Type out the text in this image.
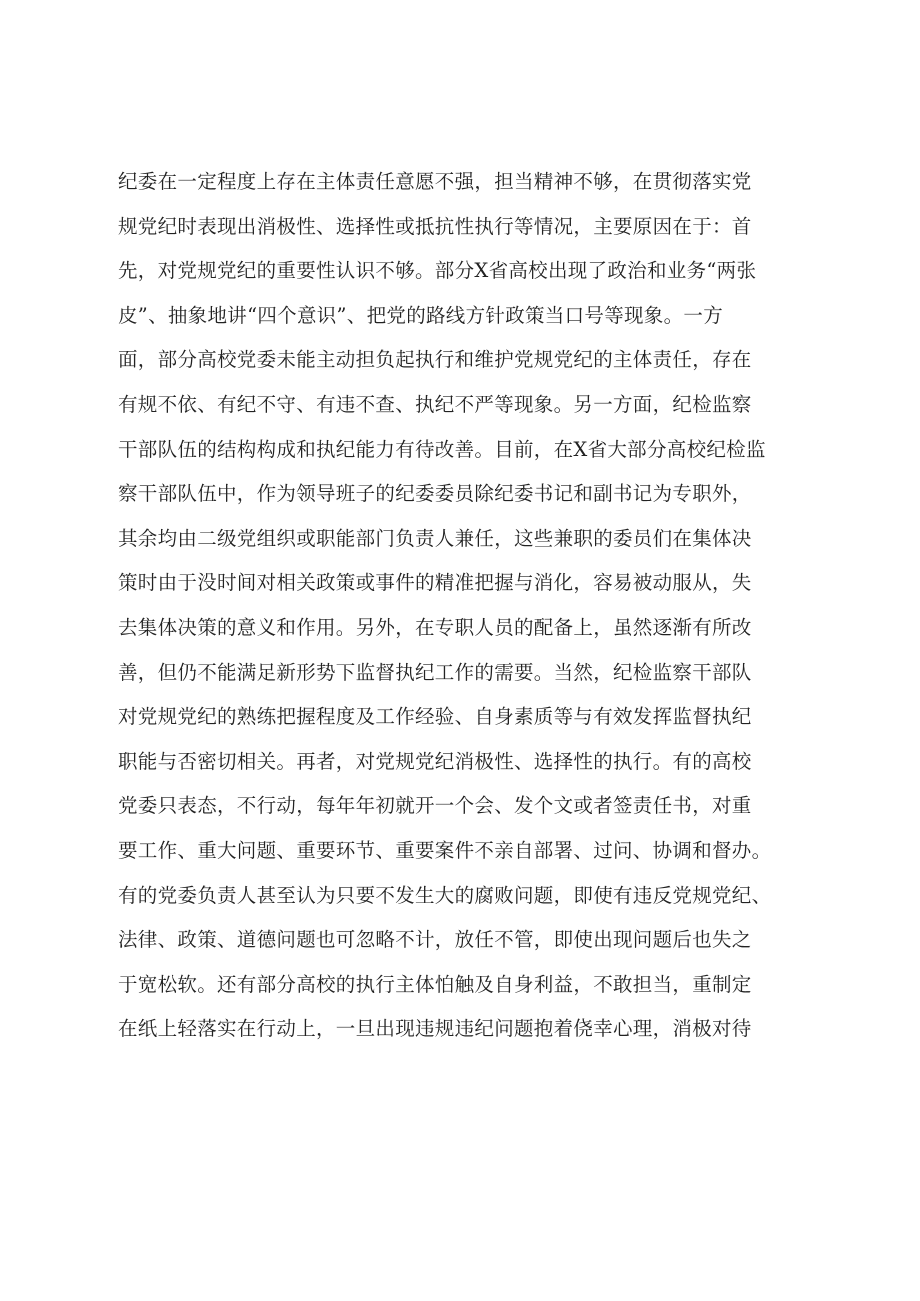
纪委在一定程度上存在主体责任意愿不强，担当精神不够，在贯彻落实党
规党纪时表现出消极性、选择性或抵抗性执行等情况，主要原因在于：首
先，对党规党纪的重要性认识不够。部分X省高校出现了政治和业务“两张
皮”、抽象地讲“四个意识”、把党的路线方针政策当口号等现象。一方
面，部分高校党委未能主动担负起执行和维护党规党纪的主体责任，存在
有规不依、有纪不守、有违不查、执纪不严等现象。另一方面，纪检监察
干部队伍的结构构成和执纪能力有待改善。目前，在X省大部分高校纪检监
察干部队伍中，作为领导班子的纪委委员除纪委书记和副书记为专职外，
其余均由二级党组织或职能部门负责人兼任，这些兼职的委员们在集体决
策时由于没时间对相关政策或事件的精准把握与消化，容易被动服从，失
去集体决策的意义和作用。另外，在专职人员的配备上，虽然逐渐有所改
善，但仍不能满足新形势下监督执纪工作的需要。当然，纪检监察干部队
对党规党纪的熟练把握程度及工作经验、自身素质等与有效发挥监督执纪
职能与否密切相关。再者，对党规党纪消极性、选择性的执行。有的高校
党委只表态，不行动，每年年初就开一个会、发个文或者签责任书，对重
要工作、重大问题、重要环节、重要案件不亲自部署、过问、协调和督办。
有的党委负责人甚至认为只要不发生大的腐败问题，即使有违反党规党纪、
法律、政策、道德问题也可忽略不计，放任不管，即使出现问题后也失之
于宽松软。还有部分高校的执行主体怕触及自身利益，不敢担当，重制定
在纸上轻落实在行动上，一旦出现违规违纪问题抱着侥幸心理，消极对待
